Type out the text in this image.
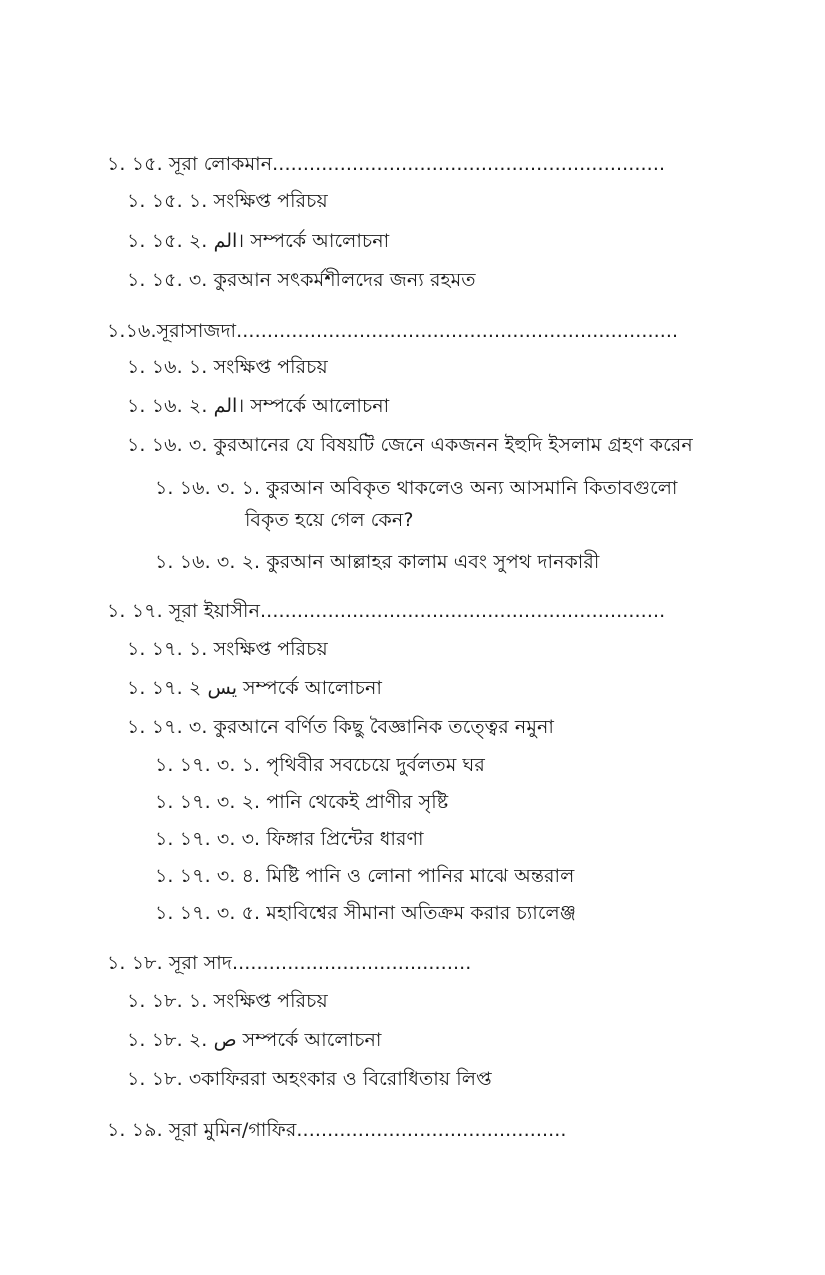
১. ১৫. সূরা লোকমান................................................................
১. ১৫. ১. সংক্ষিপ্ত পরিচয়
১. ১৫. ২. الم। সম্পর্কে আলোচনা
১. ১৫. ৩. কুরআন সৎকর্মশীলদের জন্য রহমত
১.১৬.সূরাসাজদা........................................................................
১. ১৬. ১. সংক্ষিপ্ত পরিচয়
১. ১৬. ২. الم। সম্পর্কে আলোচনা
১. ১৬. ৩. কুরআনের যে বিষয়টি জেনে একজনন ইহুদি ইসলাম গ্রহণ করেন
১. ১৬. ৩. ১. কুরআন অবিকৃত থাকলেও অন্য আসমানি কিতাবগুলো
বিকৃত হয়ে গেল কেন?
১. ১৬. ৩. ২. কুরআন আল্লাহর কালাম এবং সুপথ দানকারী
১. ১৭. সূরা ইয়াসীন..................................................................
১. ১৭. ১. সংক্ষিপ্ত পরিচয়
১. ১৭. ২ يس সম্পর্কে আলোচনা
১. ১৭. ৩. কুরআনে বর্ণিত কিছু বৈজ্ঞানিক তত্ত্বের নমুনা
১. ১৭. ৩. ১. পৃথিবীর সবচেয়ে দুর্বলতম ঘর
১. ১৭. ৩. ২. পানি থেকেই প্রাণীর সৃষ্টি
১. ১৭. ৩. ৩. ফিঙ্গার প্রিন্টের ধারণা
১. ১৭. ৩. ৪. মিষ্টি পানি ও লোনা পানির মাঝে অন্তরাল
১. ১৭. ৩. ৫. মহাবিশ্বের সীমানা অতিক্রম করার চ্যালেঞ্জ
১. ১৮. সূরা সাদ.......................................
১. ১৮. ১. সংক্ষিপ্ত পরিচয়
১. ১৮. ২. ص সম্পর্কে আলোচনা
১. ১৮. ৩কাফিররা অহংকার ও বিরোধিতায় লিপ্ত
১. ১৯. সূরা মুমিন/গাফির............................................
